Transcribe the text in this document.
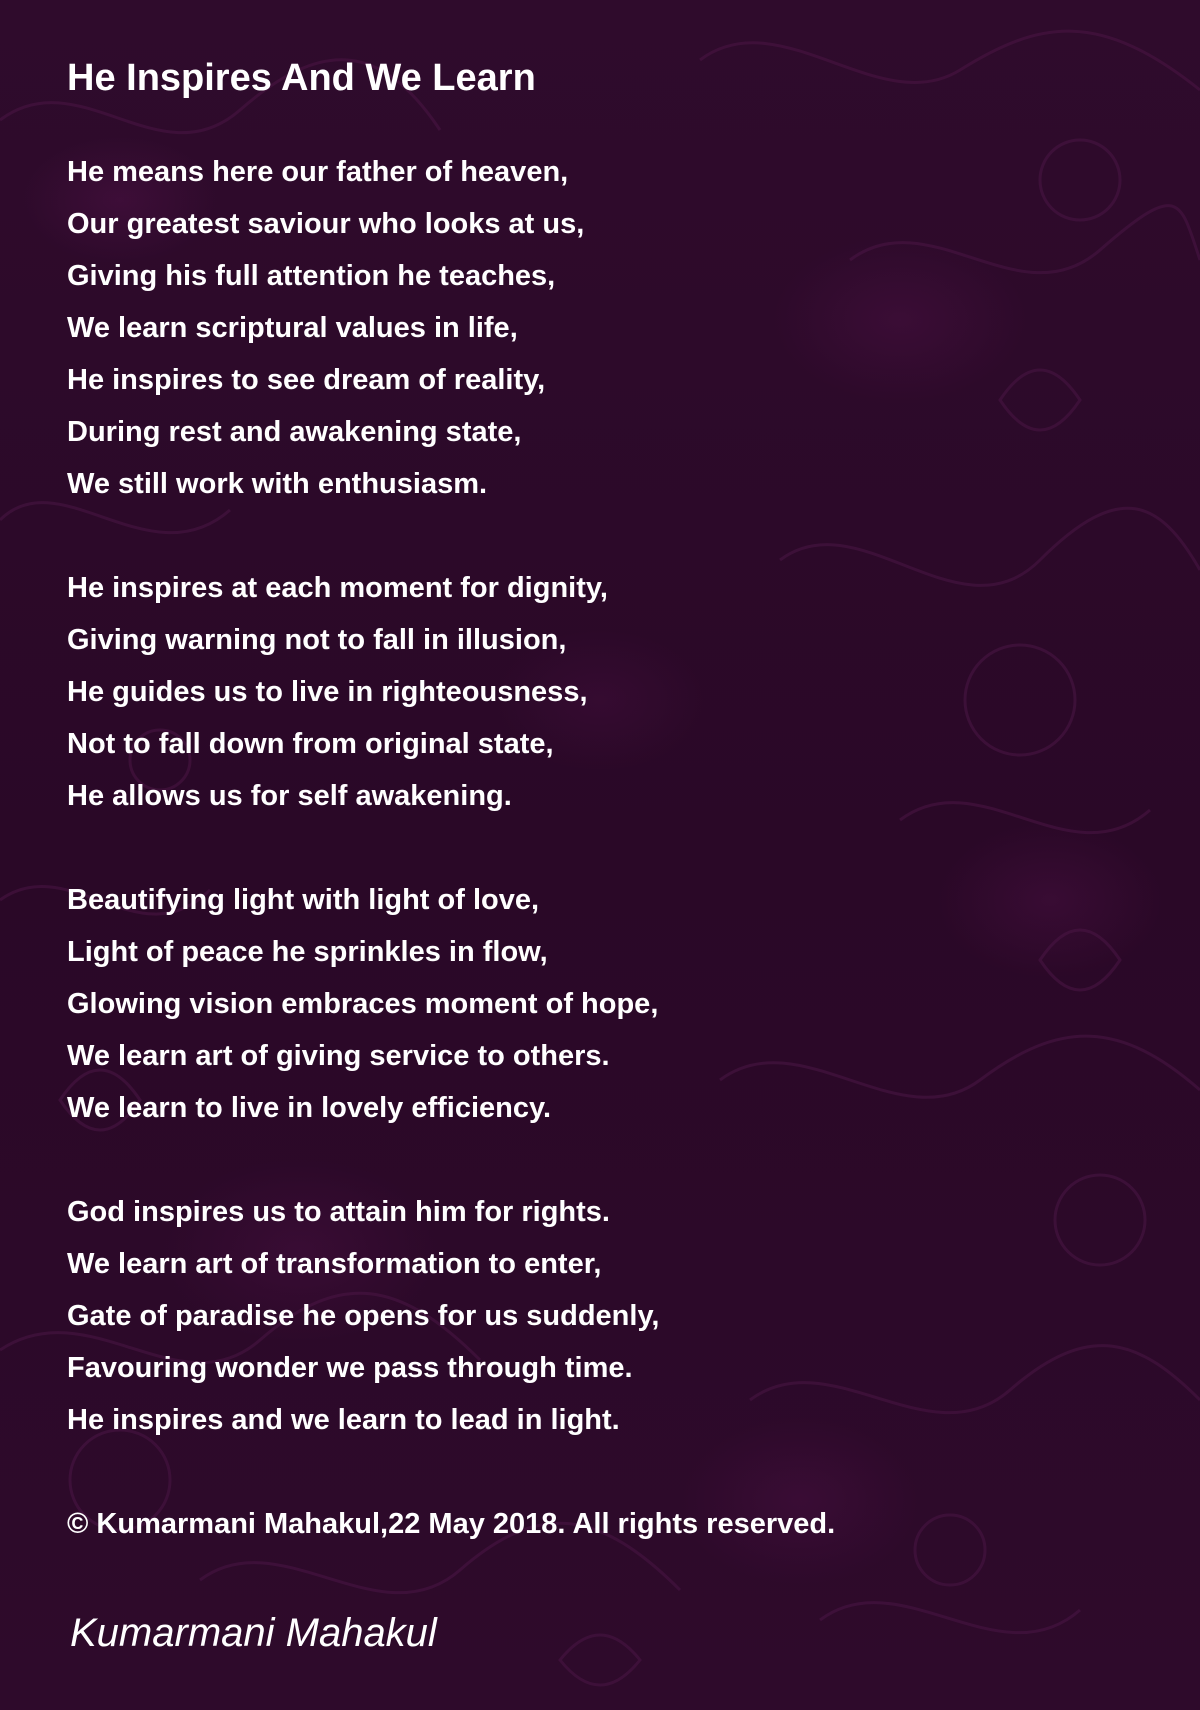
He Inspires And We Learn
He means here our father of heaven,
Our greatest saviour who looks at us,
Giving his full attention he teaches,
We learn scriptural values in life,
He inspires to see dream of reality,
During rest and awakening state,
We still work with enthusiasm.
He inspires at each moment for dignity,
Giving warning not to fall in illusion,
He guides us to live in righteousness,
Not to fall down from original state,
He allows us for self awakening.
Beautifying light with light of love,
Light of peace he sprinkles in flow,
Glowing vision embraces moment of hope,
We learn art of giving service to others.
We learn to live in lovely efficiency.
God inspires us to attain him for rights.
We learn art of transformation to enter,
Gate of paradise he opens for us suddenly,
Favouring wonder we pass through time.
He inspires and we learn to lead in light.
© Kumarmani Mahakul,22 May 2018. All rights reserved.
Kumarmani Mahakul
